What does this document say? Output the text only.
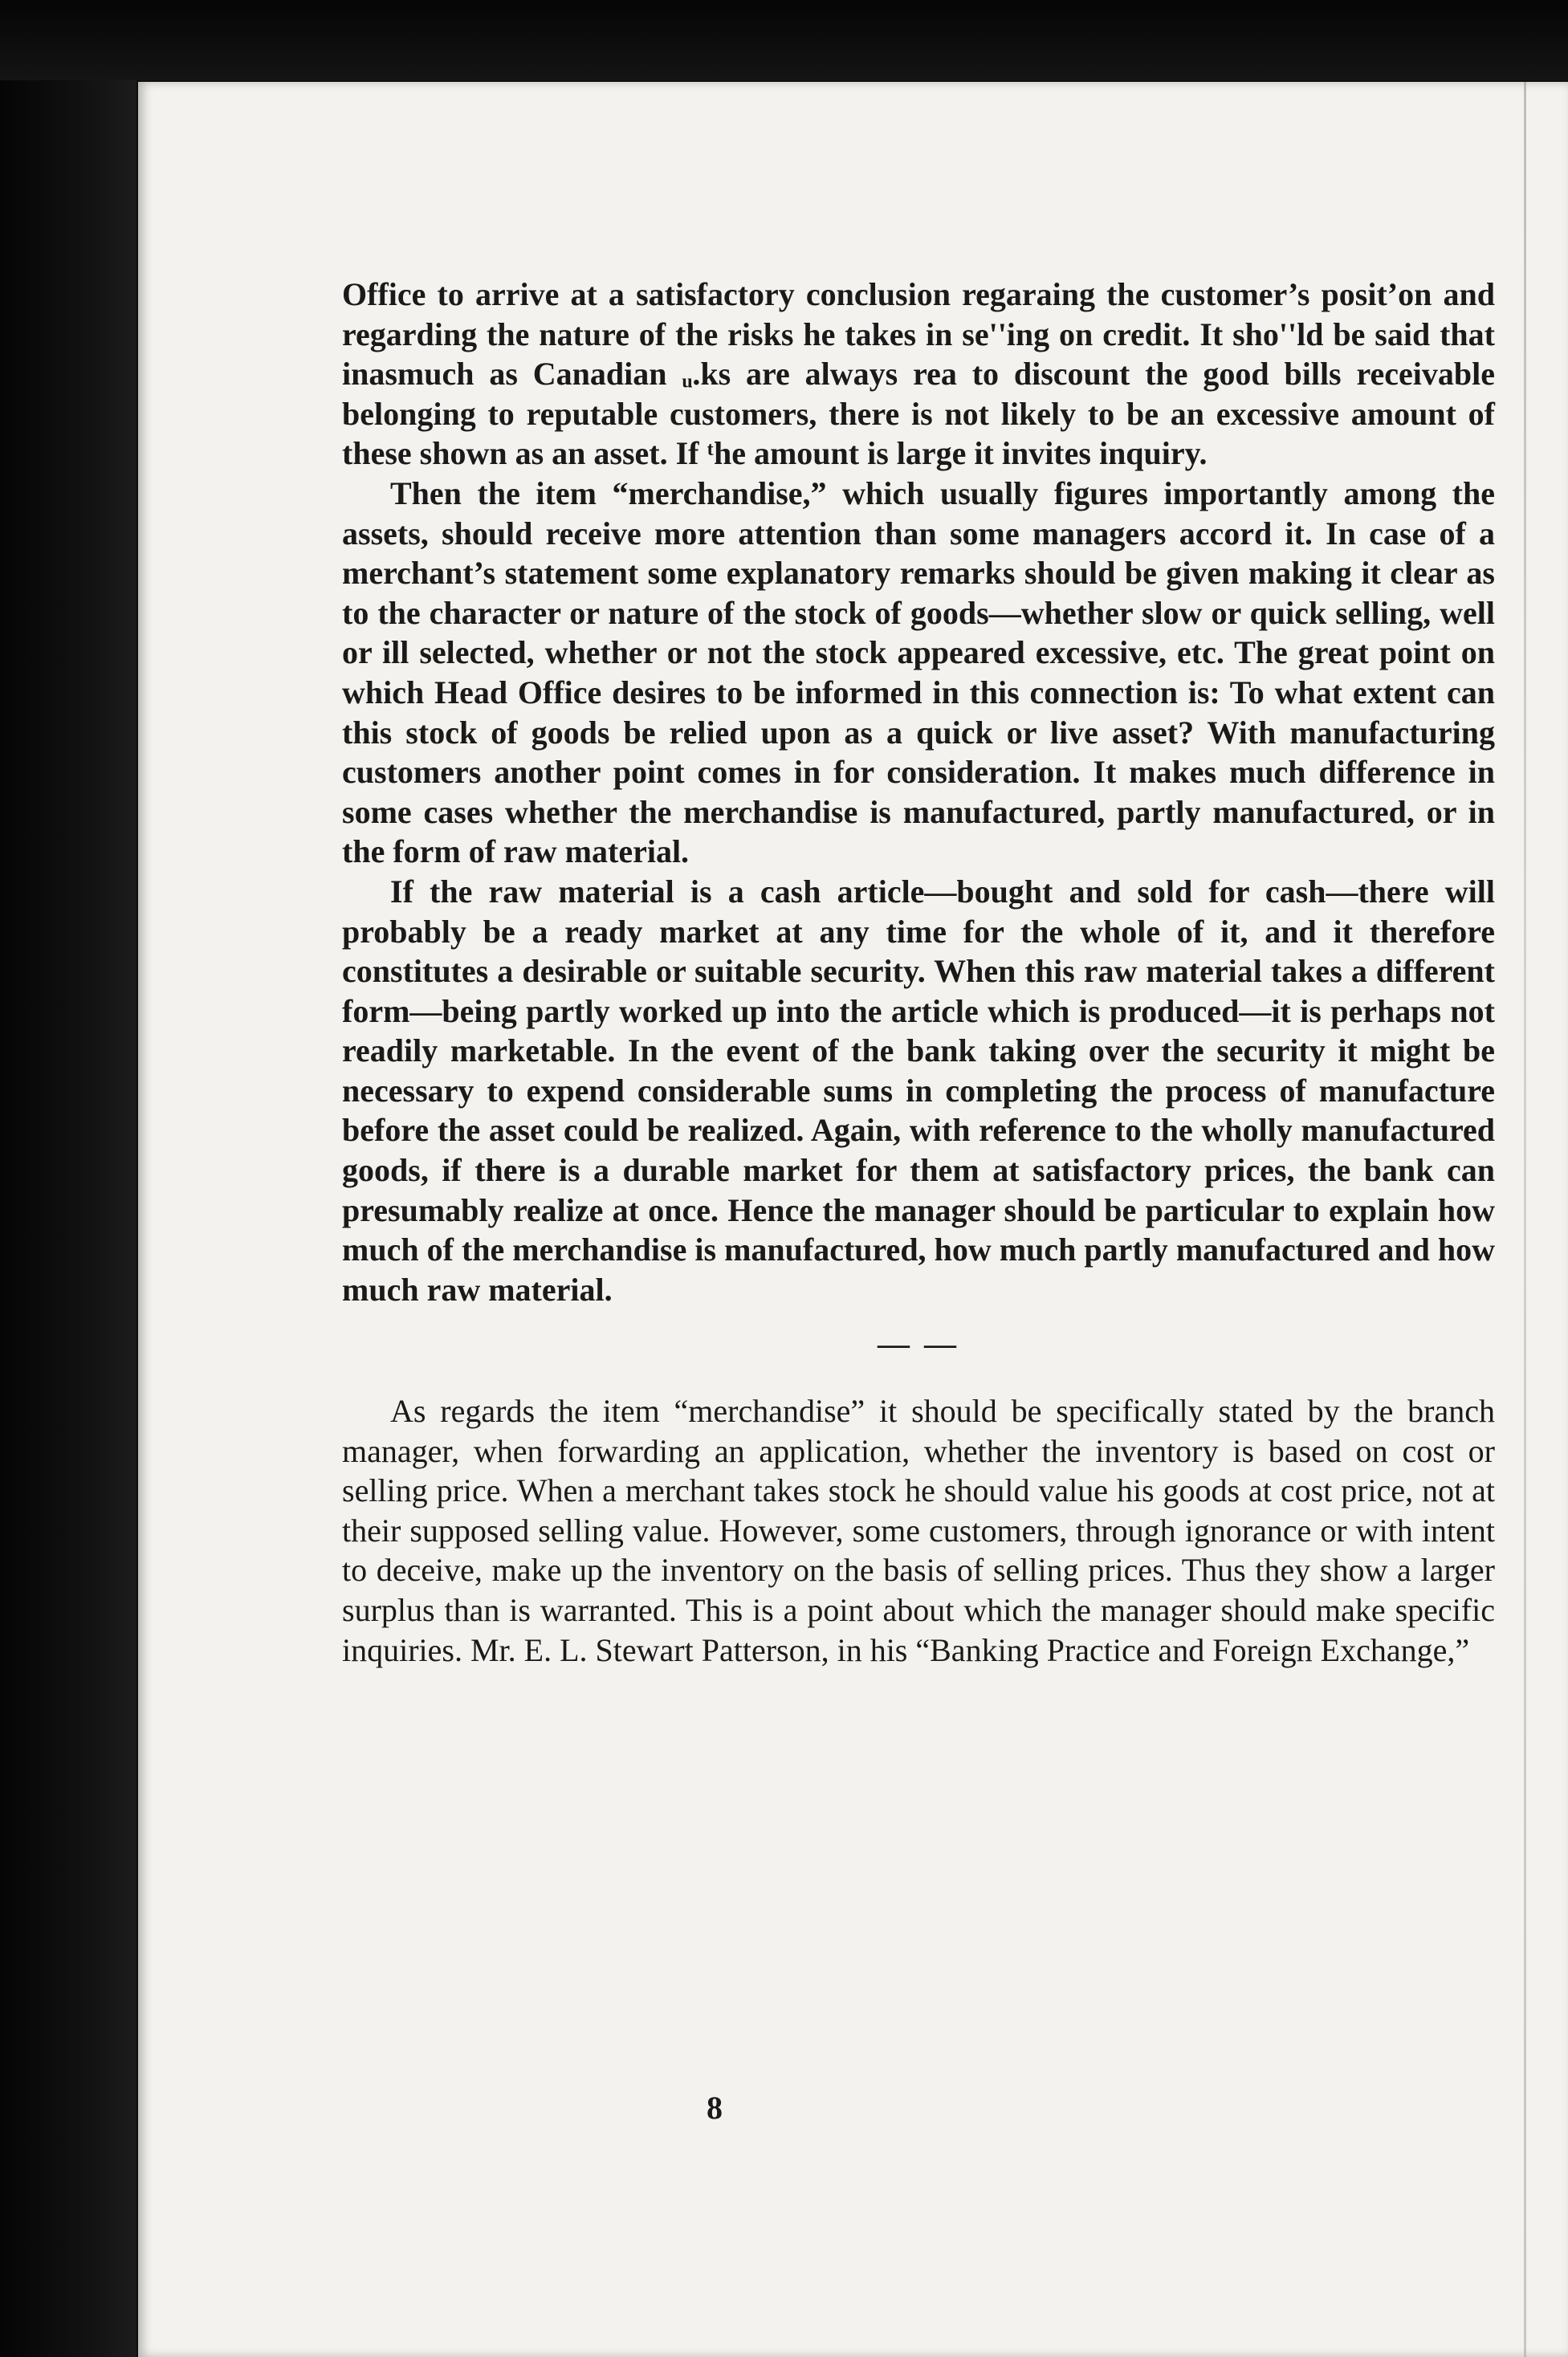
Office to arrive at a satisfactory conclusion regaraing the customer’s posit’on and regarding the nature of the risks he takes in se''ing on credit. It sho''ld be said that inasmuch as Canadian ᵤ.ks are always rea to discount the good bills receivable belonging to reputable customers, there is not likely to be an excessive amount of these shown as an asset. If ᵗhe amount is large it invites inquiry.

Then the item “merchandise,” which usually figures importantly among the assets, should receive more attention than some managers accord it. In case of a merchant’s statement some explanatory remarks should be given making it clear as to the character or nature of the stock of goods—whether slow or quick selling, well or ill selected, whether or not the stock appeared excessive, etc. The great point on which Head Office desires to be informed in this connection is: To what extent can this stock of goods be relied upon as a quick or live asset? With manufacturing customers another point comes in for consideration. It makes much difference in some cases whether the merchandise is manufactured, partly manufactured, or in the form of raw material.

If the raw material is a cash article—bought and sold for cash—there will probably be a ready market at any time for the whole of it, and it therefore constitutes a desirable or suitable security. When this raw material takes a different form—being partly worked up into the article which is produced—it is perhaps not readily marketable. In the event of the bank taking over the security it might be necessary to expend considerable sums in completing the process of manufacture before the asset could be realized. Again, with reference to the wholly manufactured goods, if there is a durable market for them at satisfactory prices, the bank can presumably realize at once. Hence the manager should be particular to explain how much of the merchandise is manufactured, how much partly manufactured and how much raw material.

— —

As regards the item “merchandise” it should be specifically stated by the branch manager, when forwarding an application, whether the inventory is based on cost or selling price. When a merchant takes stock he should value his goods at cost price, not at their supposed selling value. However, some customers, through ignorance or with intent to deceive, make up the inventory on the basis of selling prices. Thus they show a larger surplus than is warranted. This is a point about which the manager should make specific inquiries. Mr. E. L. Stewart Patterson, in his “Banking Practice and Foreign Exchange,”

8
